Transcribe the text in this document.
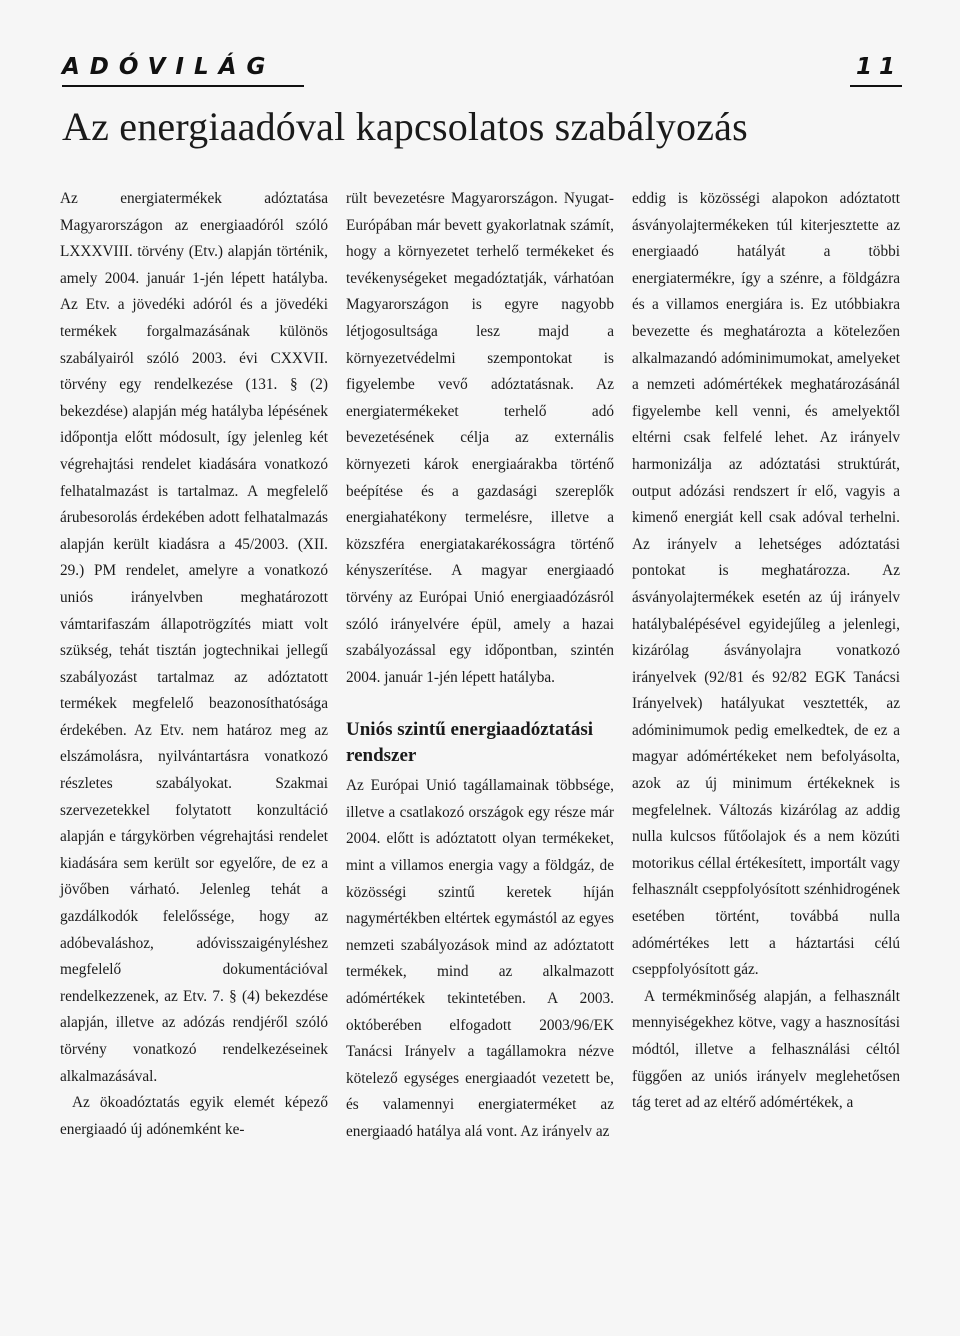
ADÓVILÁG	11
Az energiaadóval kapcsolatos szabályozás

Az energiatermékek adóztatása Magyarországon az energiaadóról szóló LXXXVIII. törvény (Etv.) alapján történik, amely 2004. január 1-jén lépett hatályba. Az Etv. a jövedéki adóról és a jövedéki termékek forgalmazásának különös szabályairól szóló 2003. évi CXXVII. törvény egy rendelkezése (131. § (2) bekezdése) alapján még hatályba lépésének időpontja előtt módosult, így jelenleg két végrehajtási rendelet kiadására vonatkozó felhatalmazást is tartalmaz. A megfelelő árubesorolás érdekében adott felhatalmazás alapján került kiadásra a 45/2003. (XII. 29.) PM rendelet, amelyre a vonatkozó uniós irányelvben meghatározott vámtarifaszám állapotrögzítés miatt volt szükség, tehát tisztán jogtechnikai jellegű szabályozást tartalmaz az adóztatott termékek megfelelő beazonosíthatósága érdekében. Az Etv. nem határoz meg az elszámolásra, nyilvántartásra vonatkozó részletes szabályokat. Szakmai szervezetekkel folytatott konzultáció alapján e tárgykörben végrehajtási rendelet kiadására sem került sor egyelőre, de ez a jövőben várható. Jelenleg tehát a gazdálkodók felelőssége, hogy az adóbevaláshoz, adóvisszaigényléshez megfelelő dokumentációval rendelkezzenek, az Etv. 7. § (4) bekezdése alapján, illetve az adózás rendjéről szóló törvény vonatkozó rendelkezéseinek alkalmazásával.

Az ökoadóztatás egyik elemét képező energiaadó új adónemként ke-

rült bevezetésre Magyarországon. Nyugat-Európában már bevett gyakorlatnak számít, hogy a környezetet terhelő termékeket és tevékenységeket megadóztatják, várhatóan Magyarországon is egyre nagyobb létjogosultsága lesz majd a környezetvédelmi szempontokat is figyelembe vevő adóztatásnak. Az energiatermékeket terhelő adó bevezetésének célja az externális környezeti károk energiaárakba történő beépítése és a gazdasági szereplők energiahatékony termelésre, illetve a közszféra energiatakarékosságra történő kényszerítése. A magyar energiaadó törvény az Európai Unió energiaadózásról szóló irányelvére épül, amely a hazai szabályozással egy időpontban, szintén 2004. január 1-jén lépett hatályba.

Uniós szintű energiaadóztatási rendszer

Az Európai Unió tagállamainak többsége, illetve a csatlakozó országok egy része már 2004. előtt is adóztatott olyan termékeket, mint a villamos energia vagy a földgáz, de közösségi szintű keretek híján nagymértékben eltértek egymástól az egyes nemzeti szabályozások mind az adóztatott termékek, mind az alkalmazott adómértékek tekintetében. A 2003. októberében elfogadott 2003/96/EK Tanácsi Irányelv a tagállamokra nézve kötelező egységes energiaadót vezetett be, és valamennyi energiaterméket az energiaadó hatálya alá vont. Az irányelv az

eddig is közösségi alapokon adóztatott ásványolajtermékeken túl kiterjesztette az energiaadó hatályát a többi energiatermékre, így a szénre, a földgázra és a villamos energiára is. Ez utóbbiakra bevezette és meghatározta a kötelezően alkalmazandó adóminimumokat, amelyeket a nemzeti adómértékek meghatározásánál figyelembe kell venni, és amelyektől eltérni csak felfelé lehet. Az irányelv harmonizálja az adóztatási struktúrát, output adózási rendszert ír elő, vagyis a kimenő energiát kell csak adóval terhelni. Az irányelv a lehetséges adóztatási pontokat is meghatározza. Az ásványolajtermékek esetén az új irányelv hatálybalépésével egyidejűleg a jelenlegi, kizárólag ásványolajra vonatkozó irányelvek (92/81 és 92/82 EGK Tanácsi Irányelvek) hatályukat vesztették, az adóminimumok pedig emelkedtek, de ez a magyar adómértékeket nem befolyásolta, azok az új minimum értékeknek is megfelelnek. Változás kizárólag az addig nulla kulcsos fűtőolajok és a nem közúti motorikus céllal értékesített, importált vagy felhasznált cseppfolyósított szénhidrogének esetében történt, továbbá nulla adómértékes lett a háztartási célú cseppfolyósított gáz.

A termékminőség alapján, a felhasznált mennyiségekhez kötve, vagy a hasznosítási módtól, illetve a felhasználási céltól függően az uniós irányelv meglehetősen tág teret ad az eltérő adómértékek, a
